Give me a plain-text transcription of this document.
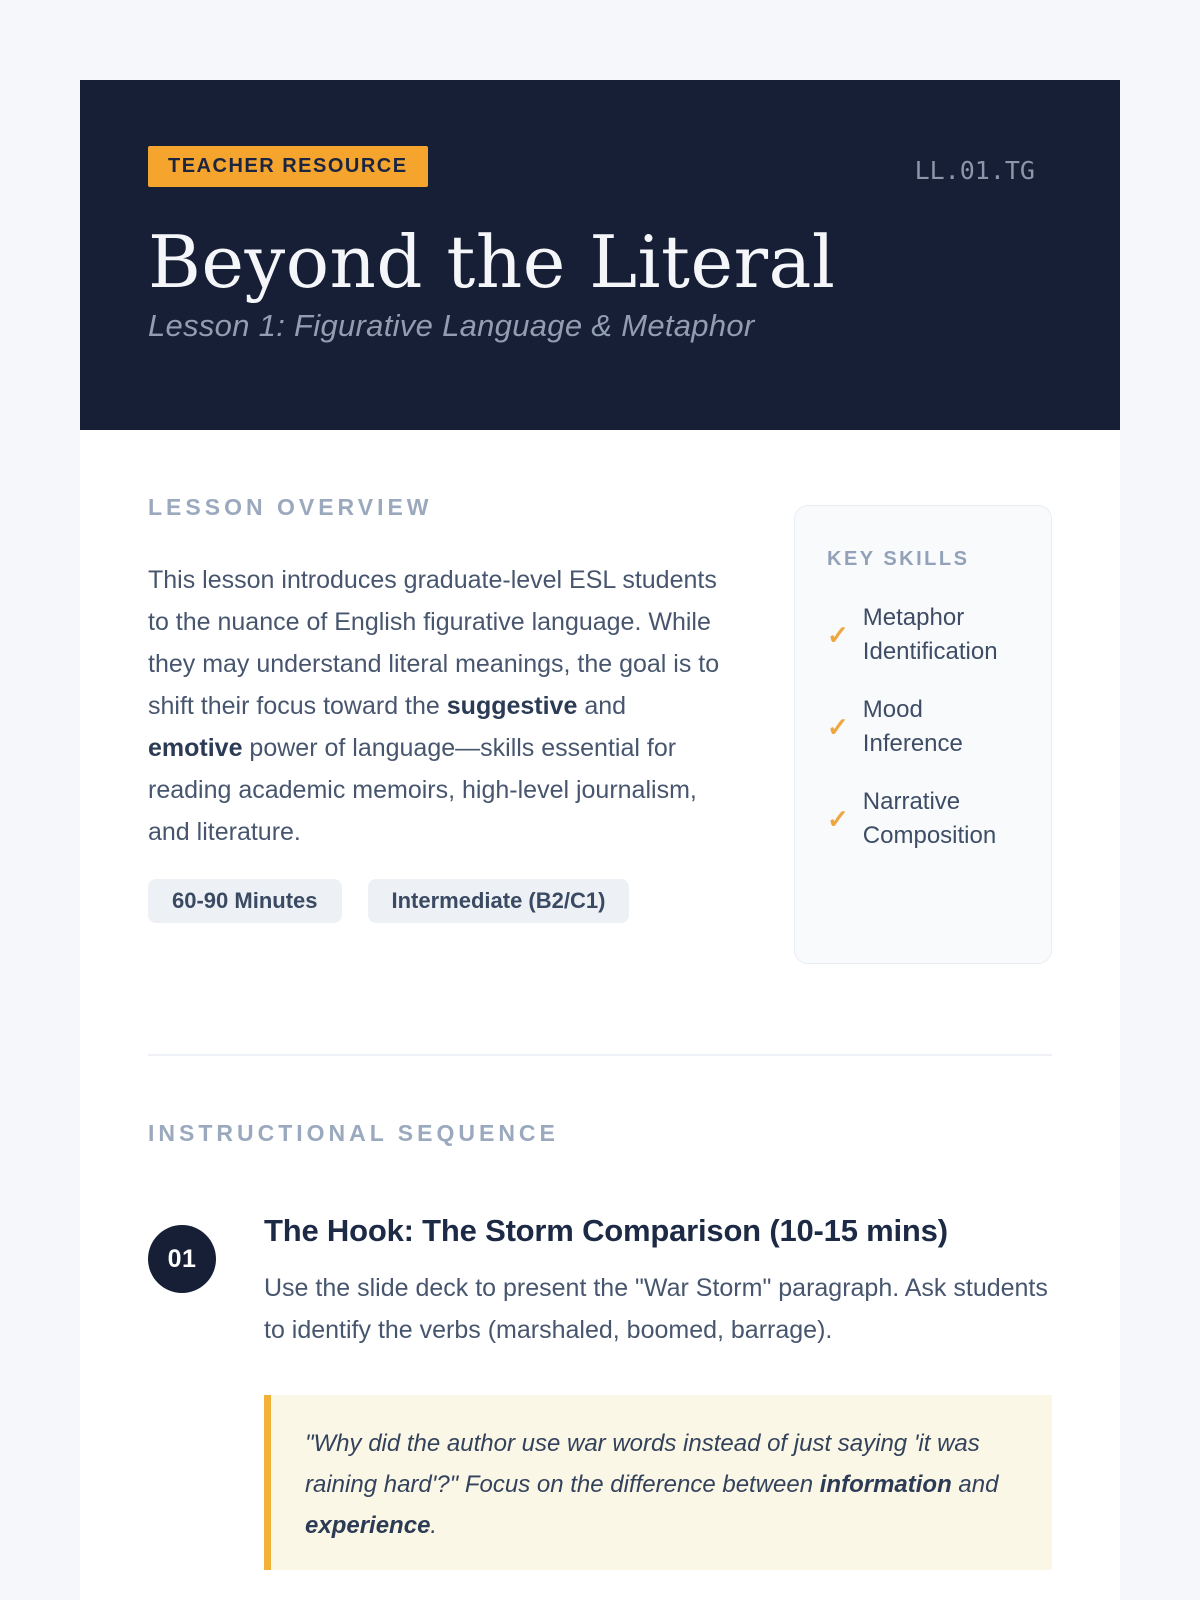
TEACHER RESOURCE	LL.01.TG
Beyond the Literal
Lesson 1: Figurative Language & Metaphor
LESSON OVERVIEW

This lesson introduces graduate-level ESL students to the nuance of English figurative language. While they may understand literal meanings, the goal is to shift their focus toward the suggestive and emotive power of language—skills essential for reading academic memoirs, high-level journalism, and literature.

60-90 Minutes	Intermediate (B2/C1)
KEY SKILLS
✓
Metaphor Identification
✓
Mood Inference
✓
Narrative Composition
INSTRUCTIONAL SEQUENCE
01
The Hook: The Storm Comparison (10-15 mins)

Use the slide deck to present the "War Storm" paragraph. Ask students to identify the verbs (marshaled, boomed, barrage).

"Why did the author use war words instead of just saying 'it was raining hard'?" Focus on the difference between information and experience.
